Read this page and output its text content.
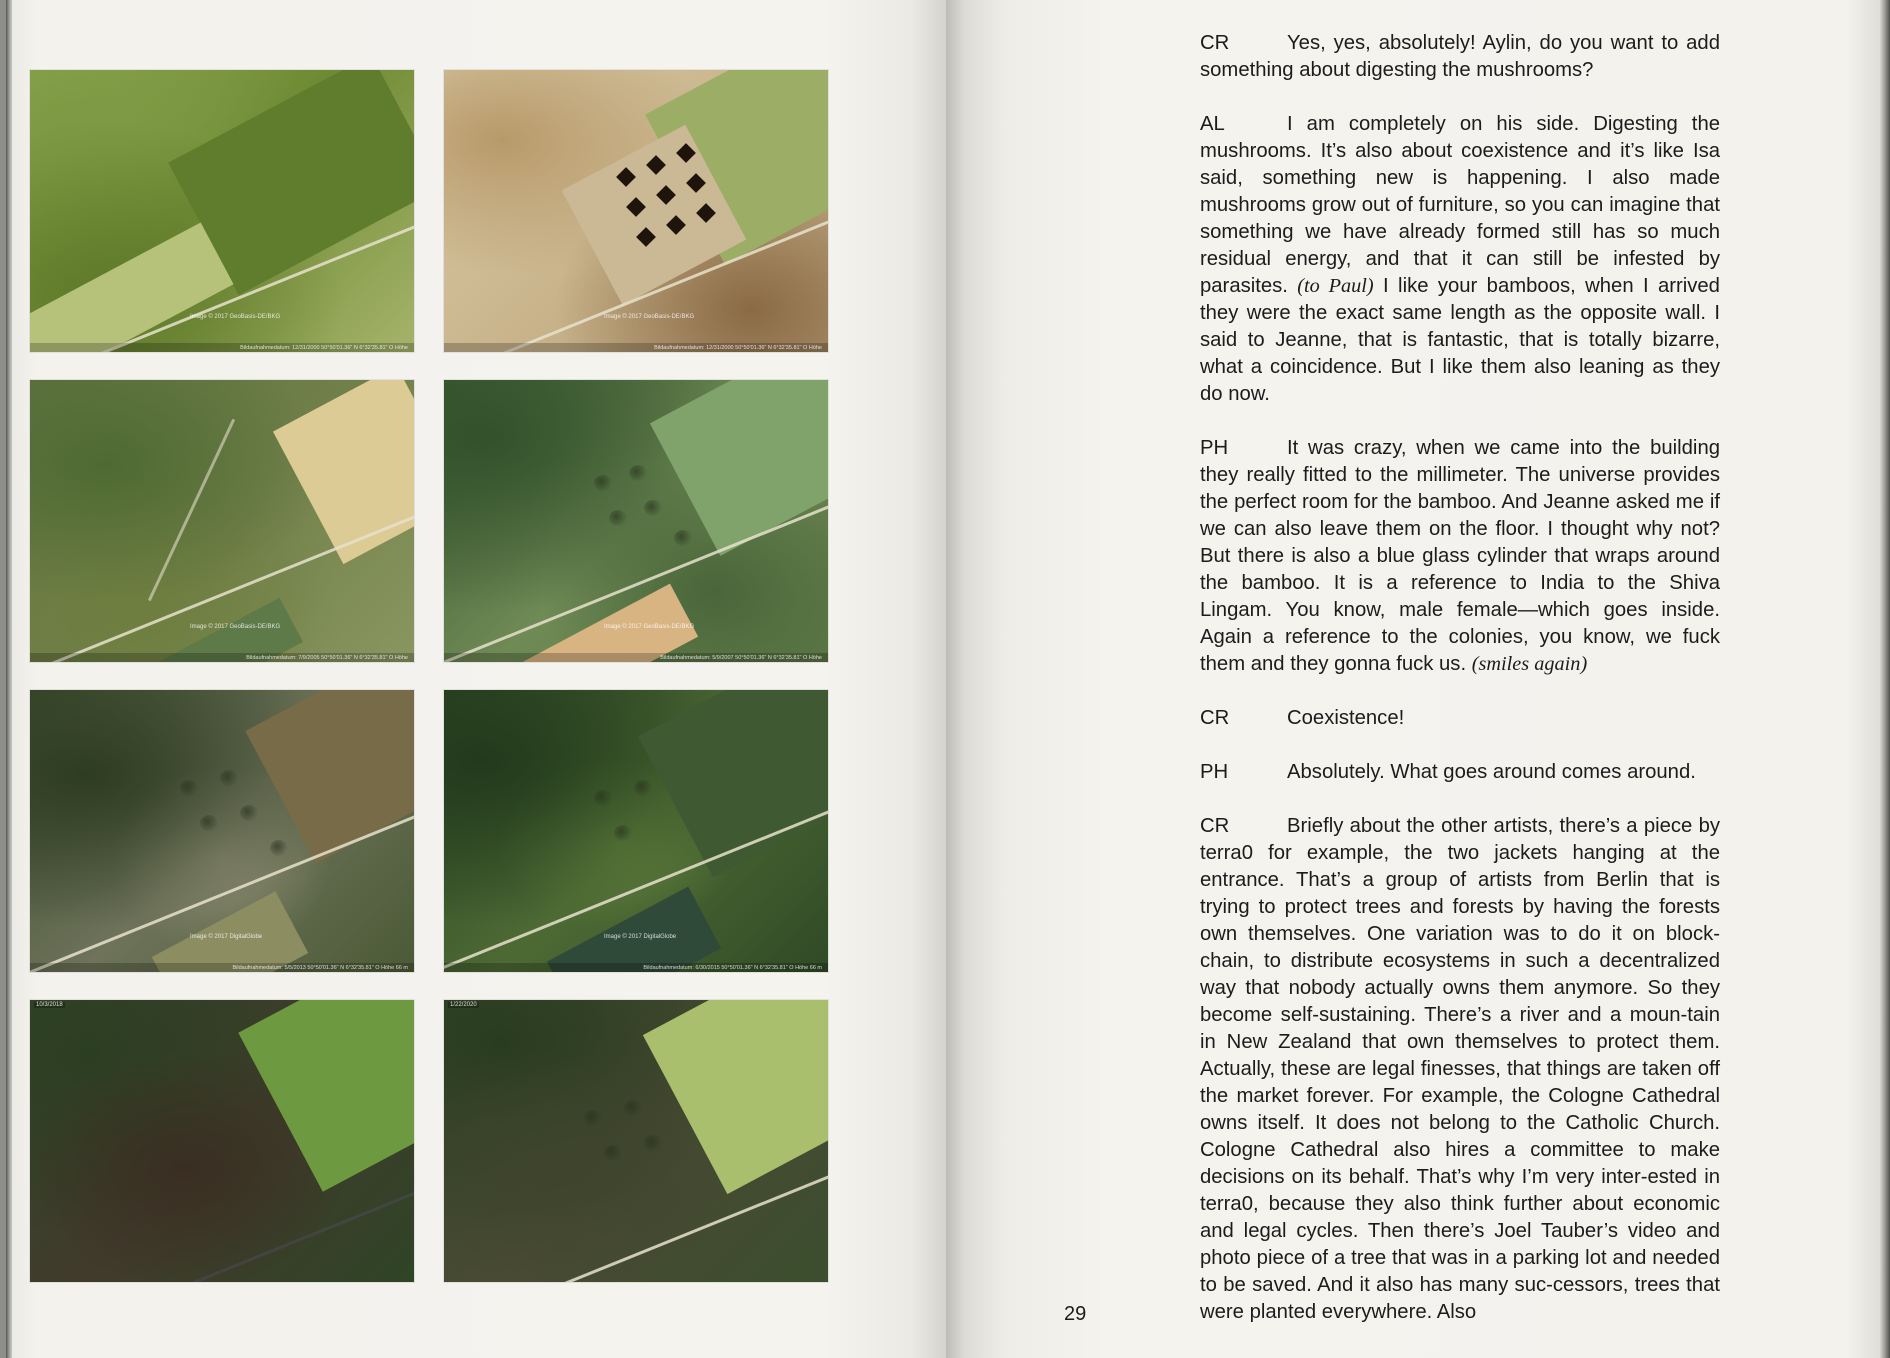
Image © 2017 GeoBasis-DE/BKG
Bildaufnahmedatum: 12/31/2000 50°50'01.36" N 6°32'35.81" O Höhe
Image © 2017 GeoBasis-DE/BKG
Bildaufnahmedatum: 12/31/2000 50°50'01.36" N 6°32'35.81" O Höhe
Image © 2017 GeoBasis-DE/BKG
Bildaufnahmedatum: 7/9/2005 50°50'01.36" N 6°32'35.81" O Höhe
Image © 2017 GeoBasis-DE/BKG
Bildaufnahmedatum: 5/9/2007 50°50'01.36" N 6°32'35.81" O Höhe
Image © 2017 DigitalGlobe
Bildaufnahmedatum: 5/5/2013 50°50'01.36" N 6°32'35.81" O Höhe 66 m
Image © 2017 DigitalGlobe
Bildaufnahmedatum: 6/30/2015 50°50'01.36" N 6°32'35.81" O Höhe 66 m
10/3/2018	1/22/2020

CR	Yes, yes, absolutely! Aylin, do you want to add something about digesting the mushrooms?

AL	I am completely on his side. Digesting the mushrooms. It’s also about coexistence and it’s like Isa said, something new is happening. I also made mushrooms grow out of furniture, so you can imagine that something we have already formed still has so much residual energy, and that it can still be infested by parasites. (to Paul) I like your bamboos, when I arrived they were the exact same length as the opposite wall. I said to Jeanne, that is fantastic, that is totally bizarre, what a coincidence. But I like them also leaning as they do now.

PH	It was crazy, when we came into the building they really fitted to the millimeter. The universe provides the perfect room for the bamboo. And Jeanne asked me if we can also leave them on the floor. I thought why not? But there is also a blue glass cylinder that wraps around the bamboo. It is a reference to India to the Shiva Lingam. You know, male female—which goes inside. Again a reference to the colonies, you know, we fuck them and they gonna fuck us. (smiles again)

CR	Coexistence!

PH	Absolutely. What goes around comes around.

CR	Briefly about the other artists, there’s a piece by terra0 for example, the two jackets hanging at the entrance. That’s a group of artists from Berlin that is trying to protect trees and forests by having the forests own themselves. One variation was to do it on block-chain, to distribute ecosystems in such a decentralized way that nobody actually owns them anymore. So they become self-sustaining. There’s a river and a moun-tain in New Zealand that own themselves to protect them. Actually, these are legal finesses, that things are taken off the market forever. For example, the Cologne Cathedral owns itself. It does not belong to the Catholic Church. Cologne Cathedral also hires a committee to make decisions on its behalf. That’s why I’m very inter-ested in terra0, because they also think further about economic and legal cycles. Then there’s Joel Tauber’s video and photo piece of a tree that was in a parking lot and needed to be saved. And it also has many suc-cessors, trees that were planted everywhere. Also

29
